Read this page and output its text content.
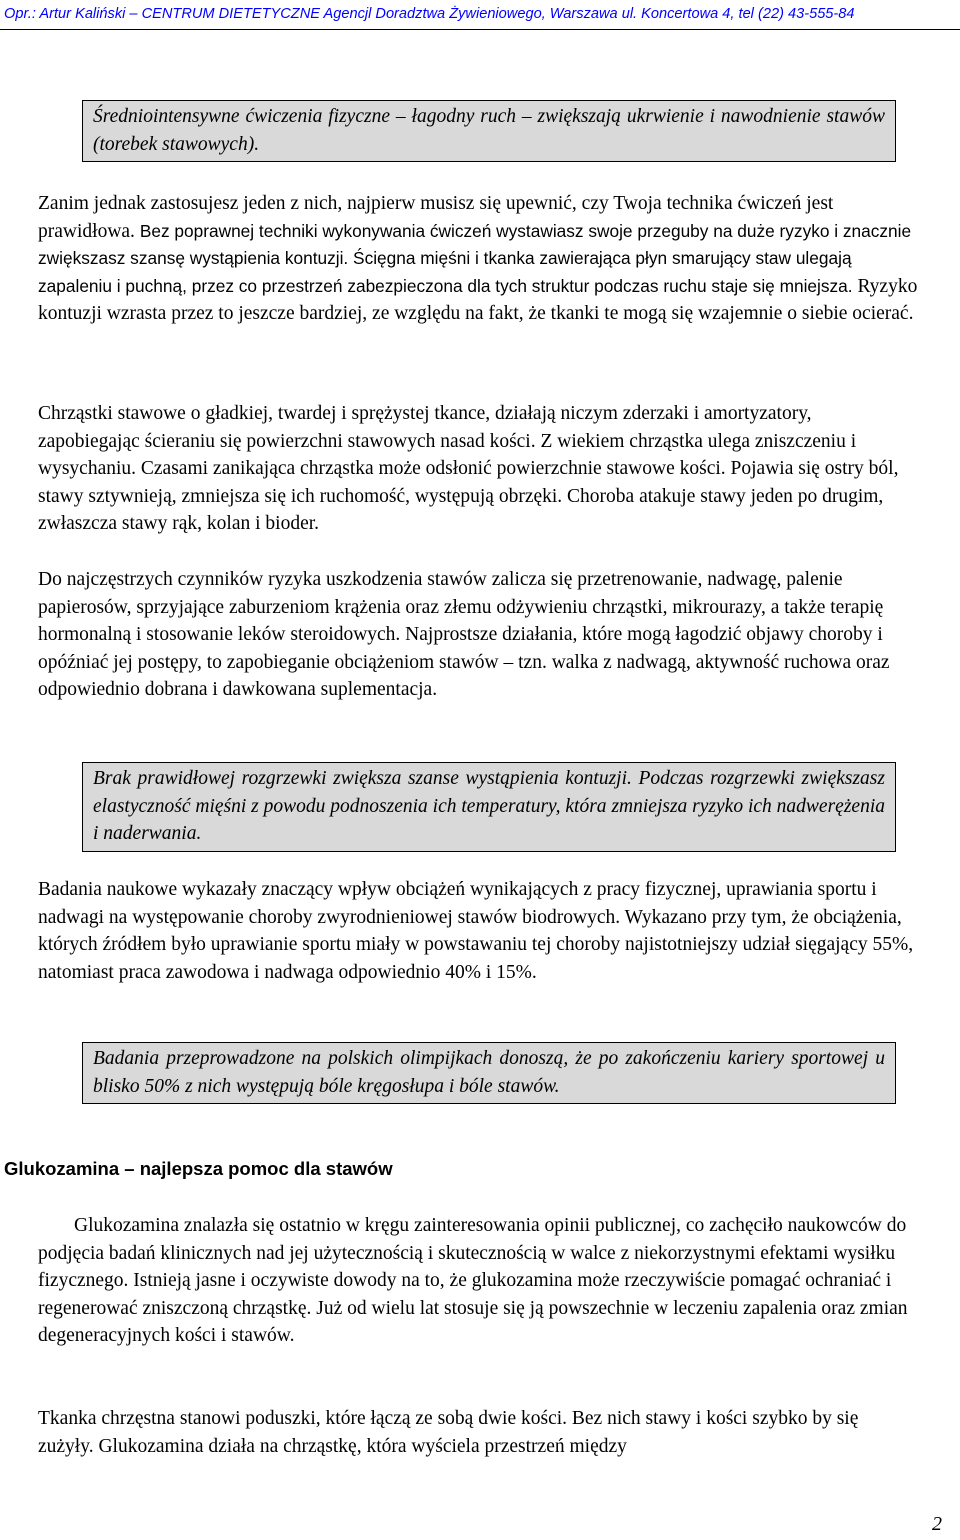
Opr.: Artur Kaliński – CENTRUM DIETETYCZNE Agencjl Doradztwa Żywieniowego, Warszawa ul. Koncertowa 4, tel (22) 43-555-84
Średniointensywne ćwiczenia fizyczne – łagodny ruch – zwiększają ukrwienie i nawodnienie stawów (torebek stawowych).

Zanim jednak zastosujesz jeden z nich, najpierw musisz się upewnić, czy Twoja technika ćwiczeń jest prawidłowa. Bez poprawnej techniki wykonywania ćwiczeń wystawiasz swoje przeguby na duże ryzyko i znacznie zwiększasz szansę wystąpienia kontuzji. Ścięgna mięśni i tkanka zawierająca płyn smarujący staw ulegają zapaleniu i puchną, przez co przestrzeń zabezpieczona dla tych struktur podczas ruchu staje się mniejsza. Ryzyko kontuzji wzrasta przez to jeszcze bardziej, ze względu na fakt, że tkanki te mogą się wzajemnie o siebie ocierać.

Chrząstki stawowe o gładkiej, twardej i sprężystej tkance, działają niczym zderzaki i amortyzatory, zapobiegając ścieraniu się powierzchni stawowych nasad kości. Z wiekiem chrząstka ulega zniszczeniu i wysychaniu. Czasami zanikająca chrząstka może odsłonić powierzchnie stawowe kości. Pojawia się ostry ból, stawy sztywnieją, zmniejsza się ich ruchomość, występują obrzęki. Choroba atakuje stawy jeden po drugim, zwłaszcza stawy rąk, kolan i bioder.

Do najczęstrzych czynników ryzyka uszkodzenia stawów zalicza się przetrenowanie, nadwagę, palenie papierosów, sprzyjające zaburzeniom krążenia oraz złemu odżywieniu chrząstki, mikrourazy, a także terapię hormonalną i stosowanie leków steroidowych. Najprostsze działania, które mogą łagodzić objawy choroby i opóźniać jej postępy, to zapobieganie obciążeniom stawów – tzn. walka z nadwagą, aktywność ruchowa oraz odpowiednio dobrana i dawkowana suplementacja.

Brak prawidłowej rozgrzewki zwiększa szanse wystąpienia kontuzji. Podczas rozgrzewki zwiększasz elastyczność mięśni z powodu podnoszenia ich temperatury, która zmniejsza ryzyko ich nadwerężenia i naderwania.

Badania naukowe wykazały znaczący wpływ obciążeń wynikających z pracy fizycznej, uprawiania sportu i nadwagi na występowanie choroby zwyrodnieniowej stawów biodrowych. Wykazano przy tym, że obciążenia, których źródłem było uprawianie sportu miały w powstawaniu tej choroby najistotniejszy udział sięgający 55%, natomiast praca zawodowa i nadwaga odpowiednio 40% i 15%.

Badania przeprowadzone na polskich olimpijkach donoszą, że po zakończeniu kariery sportowej u blisko 50% z nich występują bóle kręgosłupa i bóle stawów.
Glukozamina – najlepsza pomoc dla stawów

Glukozamina znalazła się ostatnio w kręgu zainteresowania opinii publicznej, co zachęciło naukowców do podjęcia badań klinicznych nad jej użytecznością i skutecznością w walce z niekorzystnymi efektami wysiłku fizycznego. Istnieją jasne i oczywiste dowody na to, że glukozamina może rzeczywiście pomagać ochraniać i regenerować zniszczoną chrząstkę. Już od wielu lat stosuje się ją powszechnie w leczeniu zapalenia oraz zmian degeneracyjnych kości i stawów.

Tkanka chrzęstna stanowi poduszki, które łączą ze sobą dwie kości. Bez nich stawy i kości szybko by się zużyły. Glukozamina działa na chrząstkę, która wyściela przestrzeń między

2
